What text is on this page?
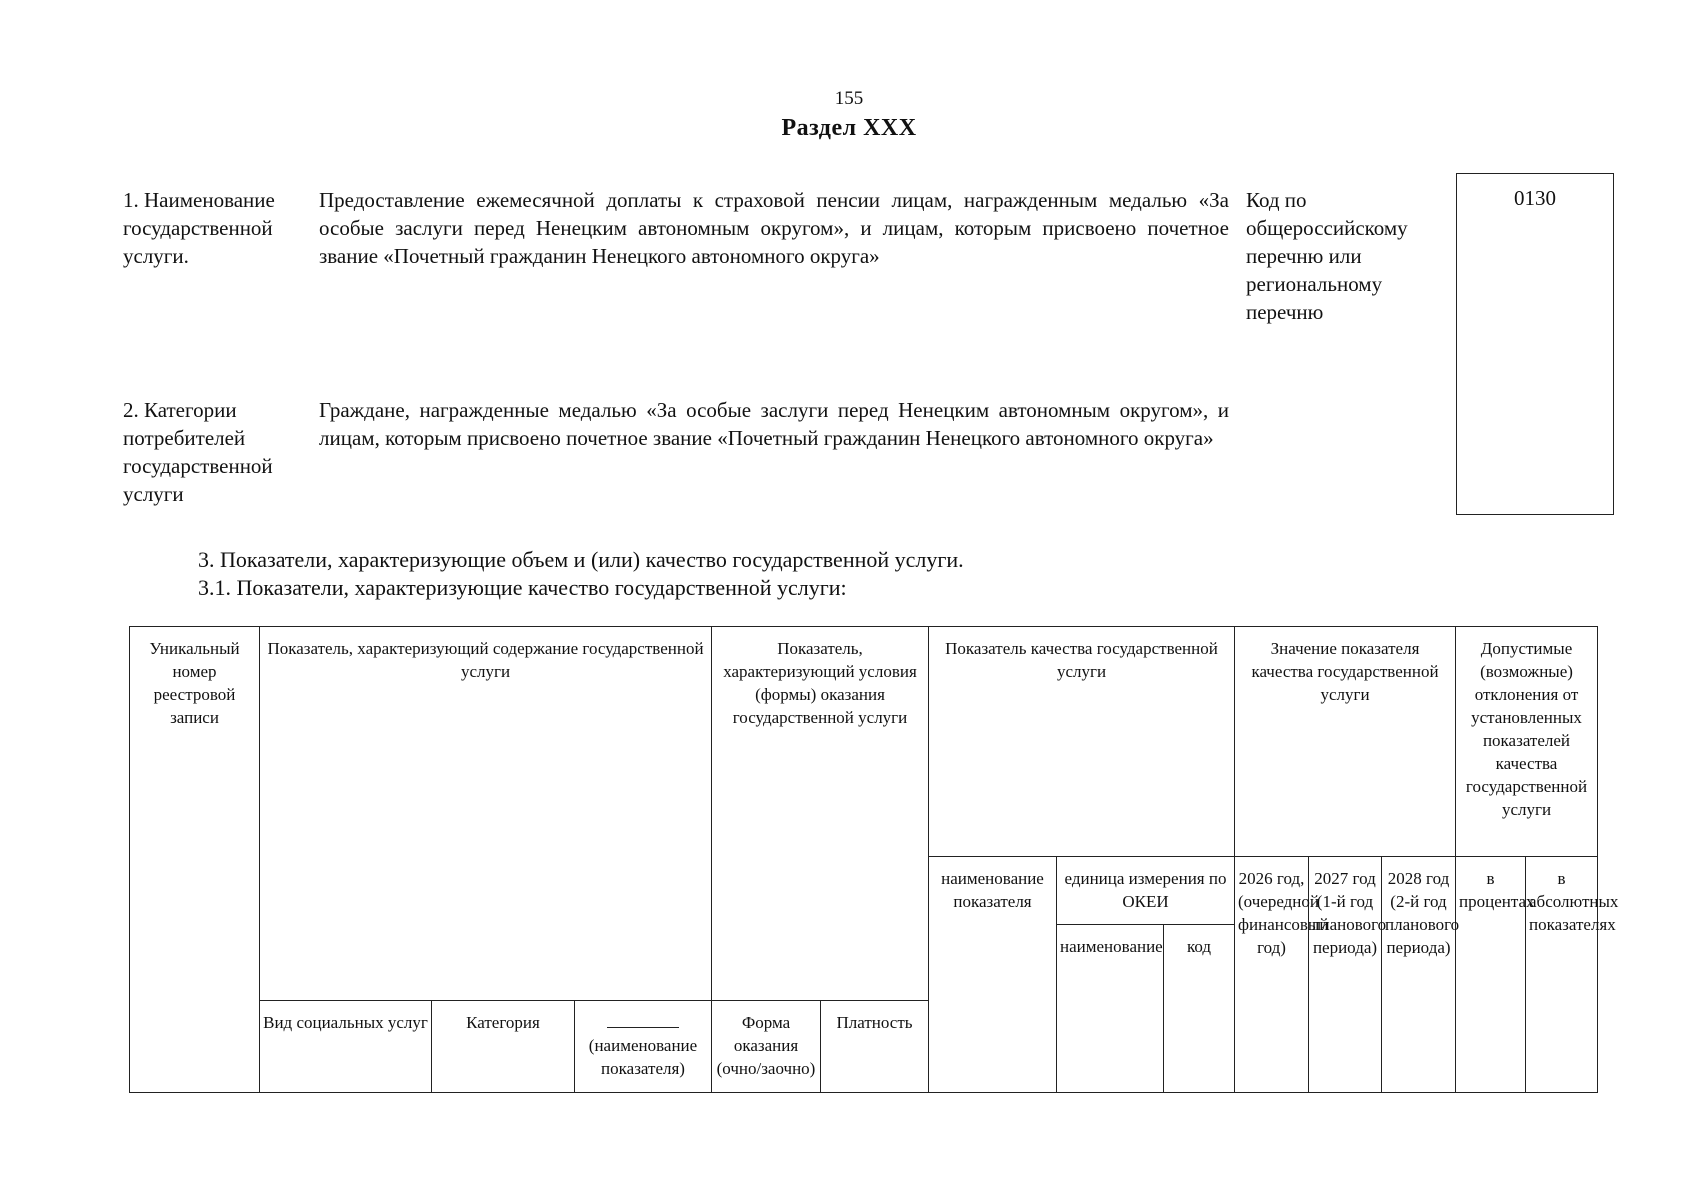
155
Раздел XXX
1. Наименование государственной услуги.
Предоставление ежемесячной доплаты к страховой пенсии лицам, награжденным медалью «За особые заслуги перед Ненецким автономным округом», и лицам, которым присвоено почетное звание «Почетный гражданин Ненецкого автономного округа»
Код по общероссийскому перечню или региональному перечню
0130
2. Категории потребителей государственной услуги
Граждане, награжденные медалью «За особые заслуги перед Ненецким автономным округом», и лицам, которым присвоено почетное звание «Почетный гражданин Ненецкого автономного округа»
3. Показатели, характеризующие объем и (или) качество государственной услуги.
3.1. Показатели, характеризующие качество государственной услуги:

Уникальный номер реестровой записи	Показатель, характеризующий содержание государственной услуги			Показатель, характеризующий условия (формы) оказания государственной услуги		Показатель качества государственной услуги			Значение показателя качества государственной услуги			Допустимые (возможные) отклонения от установленных показателей качества государственной услуги	
						наименование показателя	единица измерения по ОКЕИ		2026 год, (очередной финансовый год)	2027 год (1-й год планового периода)	2028 год (2-й год планового периода)	в процентах	в абсолютных показателях
							наименование	код					
	Вид социальных услуг	Категория	(наименование показателя)	Форма оказания (очно/заочно)	Платность								
